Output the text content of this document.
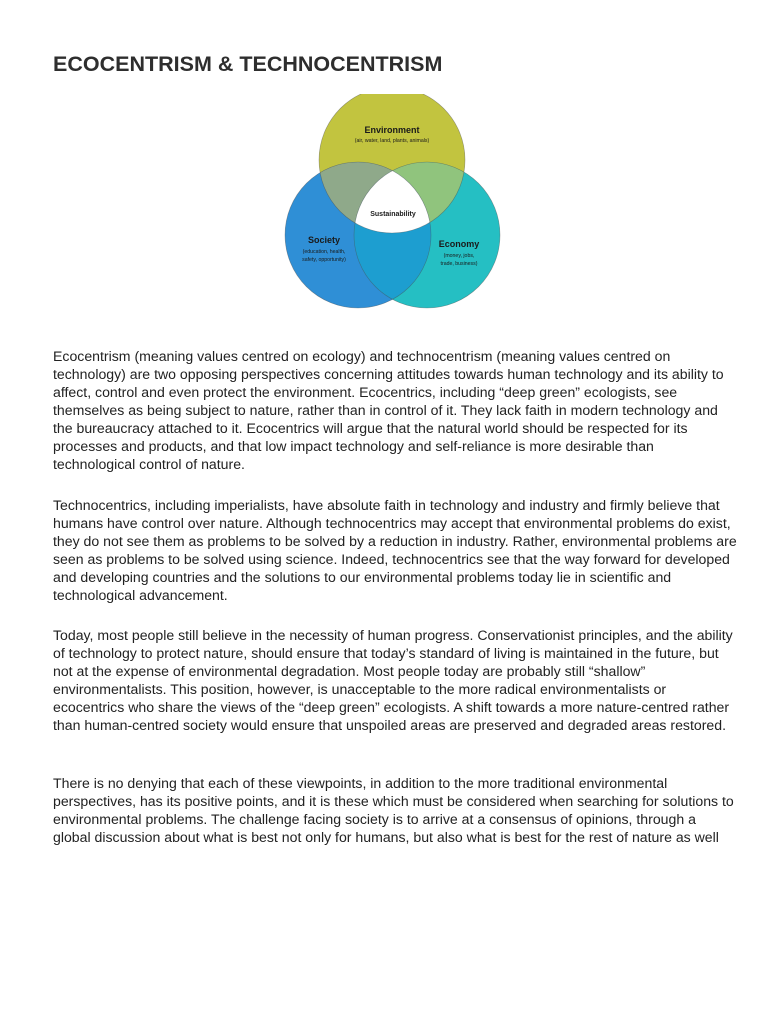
ECOCENTRISM & TECHNOCENTRISM
Environment
(air, water, land, plants, animals)
Society
(education, health,
safety, opportunity)
Economy
(money, jobs,
trade, business)
Sustainability

Ecocentrism (meaning values centred on ecology) and technocentrism (meaning values centred on technology) are two opposing perspectives concerning attitudes towards human technology and its ability to affect, control and even protect the environment. Ecocentrics, including “deep green” ecologists, see themselves as being subject to nature, rather than in control of it. They lack faith in modern technology and the bureaucracy attached to it. Ecocentrics will argue that the natural world should be respected for its processes and products, and that low impact technology and self-reliance is more desirable than technological control of nature.

Technocentrics, including imperialists, have absolute faith in technology and industry and firmly believe that humans have control over nature. Although technocentrics may accept that environmental problems do exist, they do not see them as problems to be solved by a reduction in industry. Rather, environmental problems are seen as problems to be solved using science. Indeed, technocentrics see that the way forward for developed and developing countries and the solutions to our environmental problems today lie in scientific and technological advancement.

Today, most people still believe in the necessity of human progress. Conservationist principles, and the ability of technology to protect nature, should ensure that today’s standard of living is maintained in the future, but not at the expense of environmental degradation. Most people today are probably still “shallow” environmentalists. This position, however, is unacceptable to the more radical environmentalists or ecocentrics who share the views of the “deep green” ecologists. A shift towards a more nature-centred rather than human-centred society would ensure that unspoiled areas are preserved and degraded areas restored.

There is no denying that each of these viewpoints, in addition to the more traditional environmental perspectives, has its positive points, and it is these which must be considered when searching for solutions to environmental problems. The challenge facing society is to arrive at a consensus of opinions, through a global discussion about what is best not only for humans, but also what is best for the rest of nature as well
